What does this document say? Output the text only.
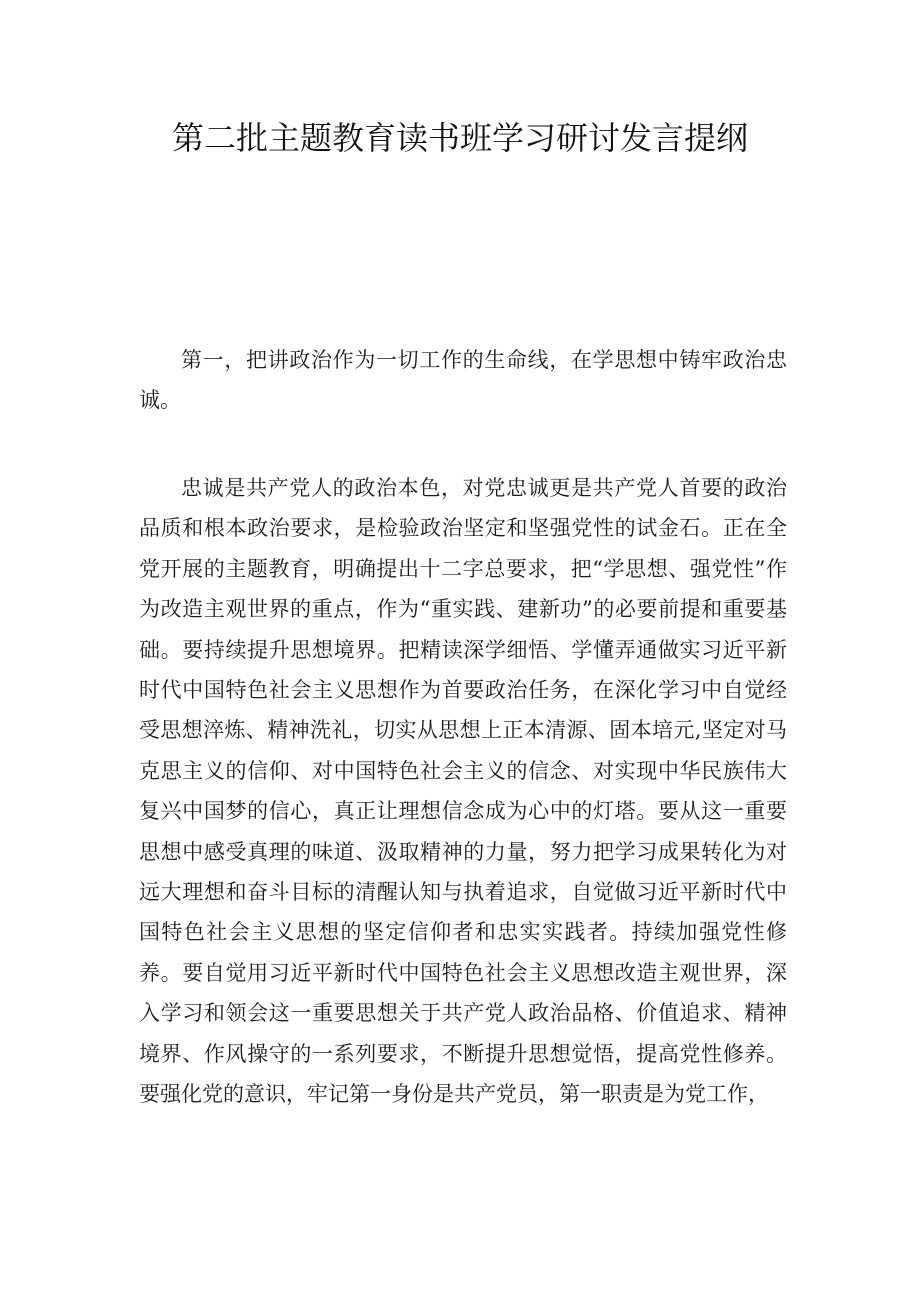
第二批主题教育读书班学习研讨发言提纲

第一，把讲政治作为一切工作的生命线，在学思想中铸牢政治忠诚。

忠诚是共产党人的政治本色，对党忠诚更是共产党人首要的政治品质和根本政治要求，是检验政治坚定和坚强党性的试金石。正在全党开展的主题教育，明确提出十二字总要求，把“学思想、强党性”作为改造主观世界的重点，作为“重实践、建新功”的必要前提和重要基础。要持续提升思想境界。把精读深学细悟、学懂弄通做实习近平新时代中国特色社会主义思想作为首要政治任务，在深化学习中自觉经受思想淬炼、精神洗礼，切实从思想上正本清源、固本培元,坚定对马克思主义的信仰、对中国特色社会主义的信念、对实现中华民族伟大复兴中国梦的信心，真正让理想信念成为心中的灯塔。要从这一重要思想中感受真理的味道、汲取精神的力量，努力把学习成果转化为对远大理想和奋斗目标的清醒认知与执着追求，自觉做习近平新时代中国特色社会主义思想的坚定信仰者和忠实实践者。持续加强党性修养。要自觉用习近平新时代中国特色社会主义思想改造主观世界，深入学习和领会这一重要思想关于共产党人政治品格、价值追求、精神境界、作风操守的一系列要求，不断提升思想觉悟，提高党性修养。要强化党的意识，牢记第一身份是共产党员，第一职责是为党工作，
